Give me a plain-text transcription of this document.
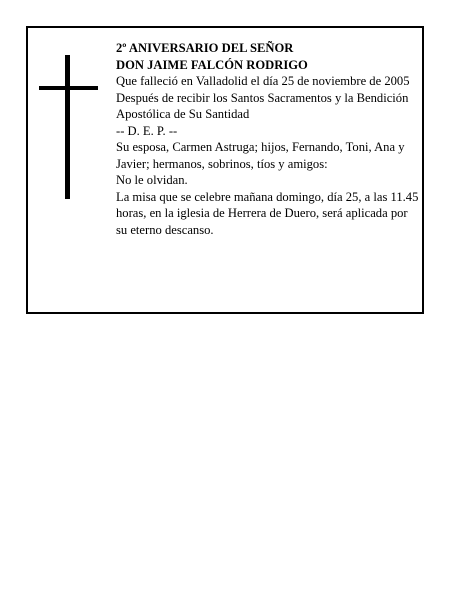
2º ANIVERSARIO DEL SEÑOR
DON JAIME FALCÓN RODRIGO
Que falleció en Valladolid el día 25 de noviembre de 2005
Después de recibir los Santos Sacramentos y la Bendición Apostólica de Su Santidad
-- D. E. P. --
Su esposa, Carmen Astruga; hijos, Fernando, Toni, Ana y Javier; hermanos, sobrinos, tíos y amigos:
No le olvidan.
La misa que se celebre mañana domingo, día 25, a las 11.45 horas, en la iglesia de Herrera de Duero, será aplicada por su eterno descanso.
